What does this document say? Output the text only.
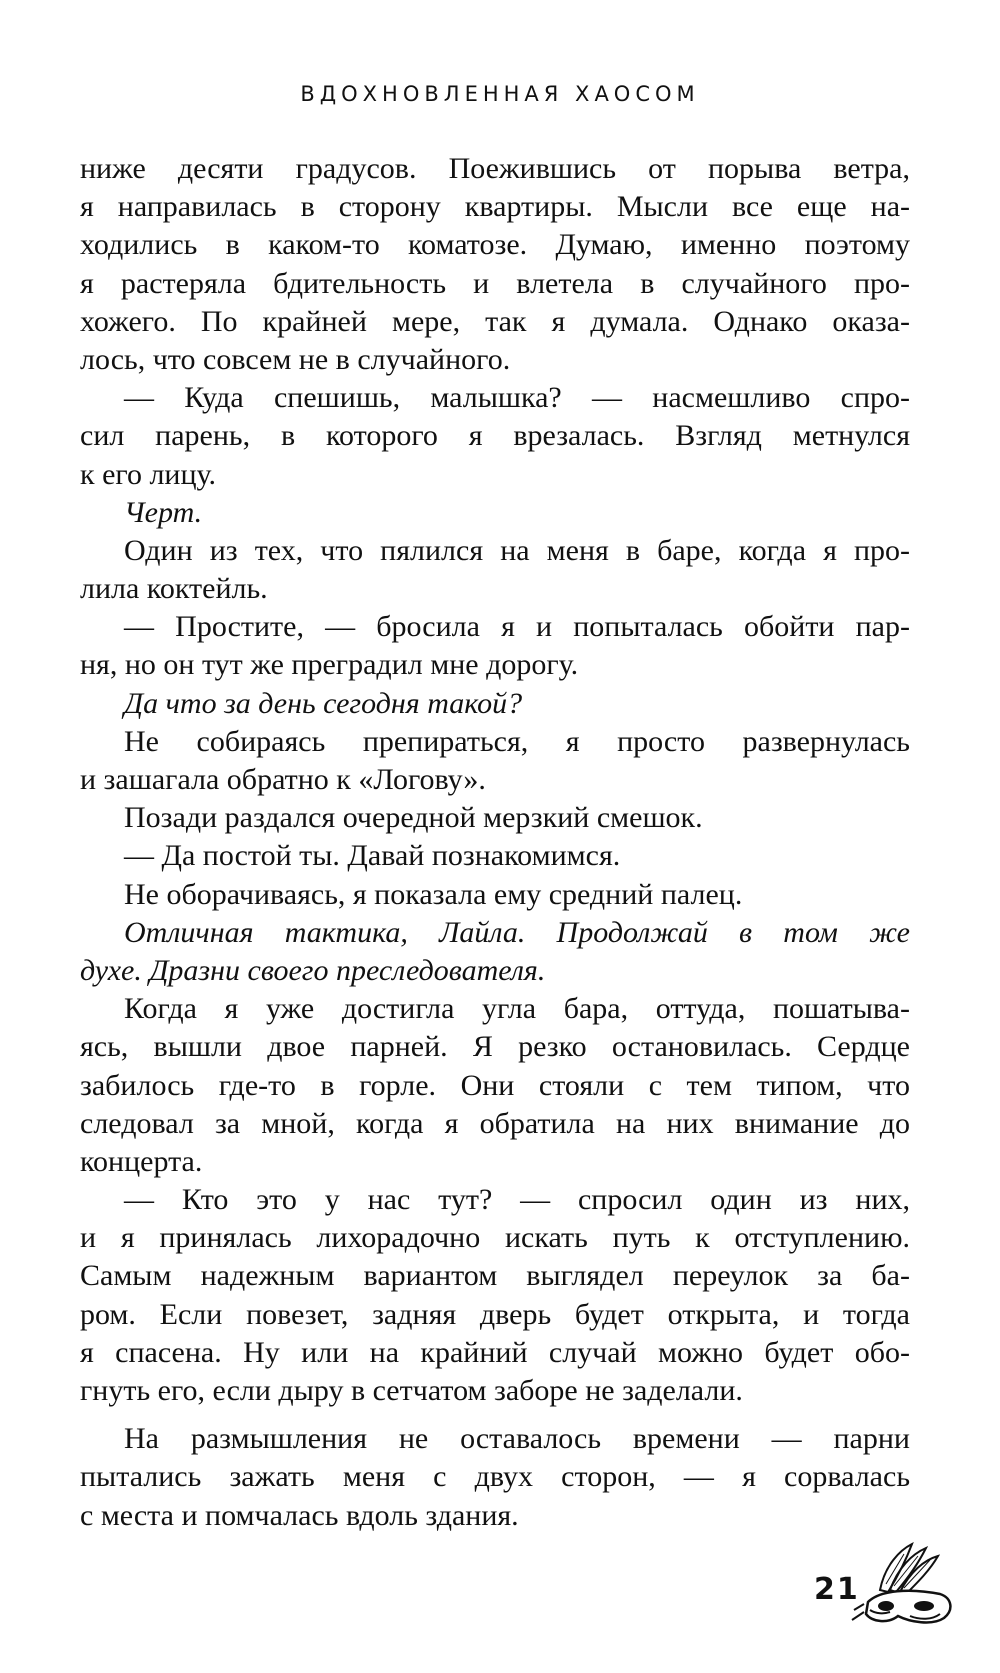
ВДОХНОВЛЕННАЯ ХАОСОМ
ниже десяти градусов. Поежившись от порыва ветра,
я направилась в сторону квартиры. Мысли все еще на-
ходились в каком-то коматозе. Думаю, именно поэтому
я растеряла бдительность и влетела в случайного про-
хожего. По крайней мере, так я думала. Однако оказа-
лось, что совсем не в случайного.
— Куда спешишь, малышка? — насмешливо спро-
сил парень, в которого я врезалась. Взгляд метнулся
к его лицу.
Черт.
Один из тех, что пялился на меня в баре, когда я про-
лила коктейль.
— Простите, — бросила я и попыталась обойти пар-
ня, но он тут же преградил мне дорогу.
Да что за день сегодня такой?
Не собираясь препираться, я просто развернулась
и зашагала обратно к «Логову».
Позади раздался очередной мерзкий смешок.
— Да постой ты. Давай познакомимся.
Не оборачиваясь, я показала ему средний палец.
Отличная тактика, Лайла. Продолжай в том же
духе. Дразни своего преследователя.
Когда я уже достигла угла бара, оттуда, пошатыва-
ясь, вышли двое парней. Я резко остановилась. Сердце
забилось где-то в горле. Они стояли с тем типом, что
следовал за мной, когда я обратила на них внимание до
концерта.
— Кто это у нас тут? — спросил один из них,
и я принялась лихорадочно искать путь к отступлению.
Самым надежным вариантом выглядел переулок за ба-
ром. Если повезет, задняя дверь будет открыта, и тогда
я спасена. Ну или на крайний случай можно будет обо-
гнуть его, если дыру в сетчатом заборе не заделали.
На размышления не оставалось времени — парни
пытались зажать меня с двух сторон, — я сорвалась
с места и помчалась вдоль здания.
21
